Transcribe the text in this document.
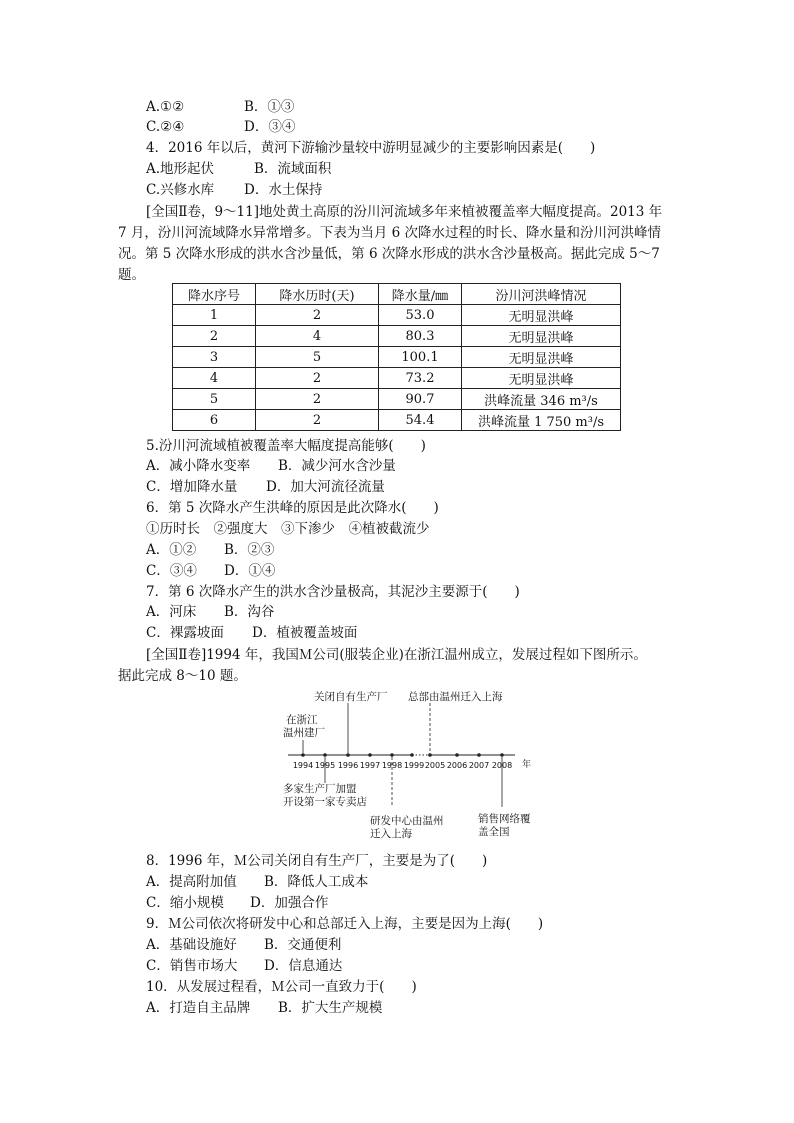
A.①②	B．①③
C.②④	D．③④
4．2016 年以后，黄河下游输沙量较中游明显减少的主要影响因素是(　　)
A.地形起伏	B．流域面积
C.兴修水库 D．水土保持
[全国Ⅱ卷，9～11]地处黄土高原的汾川河流域多年来植被覆盖率大幅度提高。2013 年
7 月，汾川河流域降水异常增多。下表为当月 6 次降水过程的时长、降水量和汾川河洪峰情
况。第 5 次降水形成的洪水含沙量低，第 6 次降水形成的洪水含沙量极高。据此完成 5～7
题。
降水序号	降水历时(天)	降水量/㎜	汾川河洪峰情况
1	2	53.0	无明显洪峰
2	4	80.3	无明显洪峰
3	5	100.1	无明显洪峰
4	2	73.2	无明显洪峰
5	2	90.7	洪峰流量 346 m³/s
6	2	54.4	洪峰流量 1 750 m³/s
5.汾川河流域植被覆盖率大幅度提高能够(　　)
A．减小降水变率 B．减少河水含沙量
C．增加降水量 D．加大河流径流量
6．第 5 次降水产生洪峰的原因是此次降水(　　)
①历时长　②强度大　③下渗少　④植被截流少
A．①② B．②③
C．③④ D．①④
7．第 6 次降水产生的洪水含沙量极高，其泥沙主要源于(　　)
A．河床 B．沟谷
C．裸露坡面 D．植被覆盖坡面
[全国Ⅱ卷]1994 年，我国Ｍ公司(服装企业)在浙江温州成立，发展过程如下图所示。
据此完成 8～10 题。
1994 1995 1996 1997 1998 1999 2005 2006 2007 2008 年
关闭自有生产厂 总部由温州迁入上海
在浙江
温州建厂
多家生产厂加盟
开设第一家专卖店
研发中心由温州
迁入上海
销售网络覆
盖全国
8．1996 年，Ｍ公司关闭自有生产厂，主要是为了(　　)
A．提高附加值 B．降低人工成本
C．缩小规模 D．加强合作
9．Ｍ公司依次将研发中心和总部迁入上海，主要是因为上海(　　)
A．基础设施好 B．交通便利
C．销售市场大 D．信息通达
10．从发展过程看，Ｍ公司一直致力于(　　)
A．打造自主品牌 B．扩大生产规模
